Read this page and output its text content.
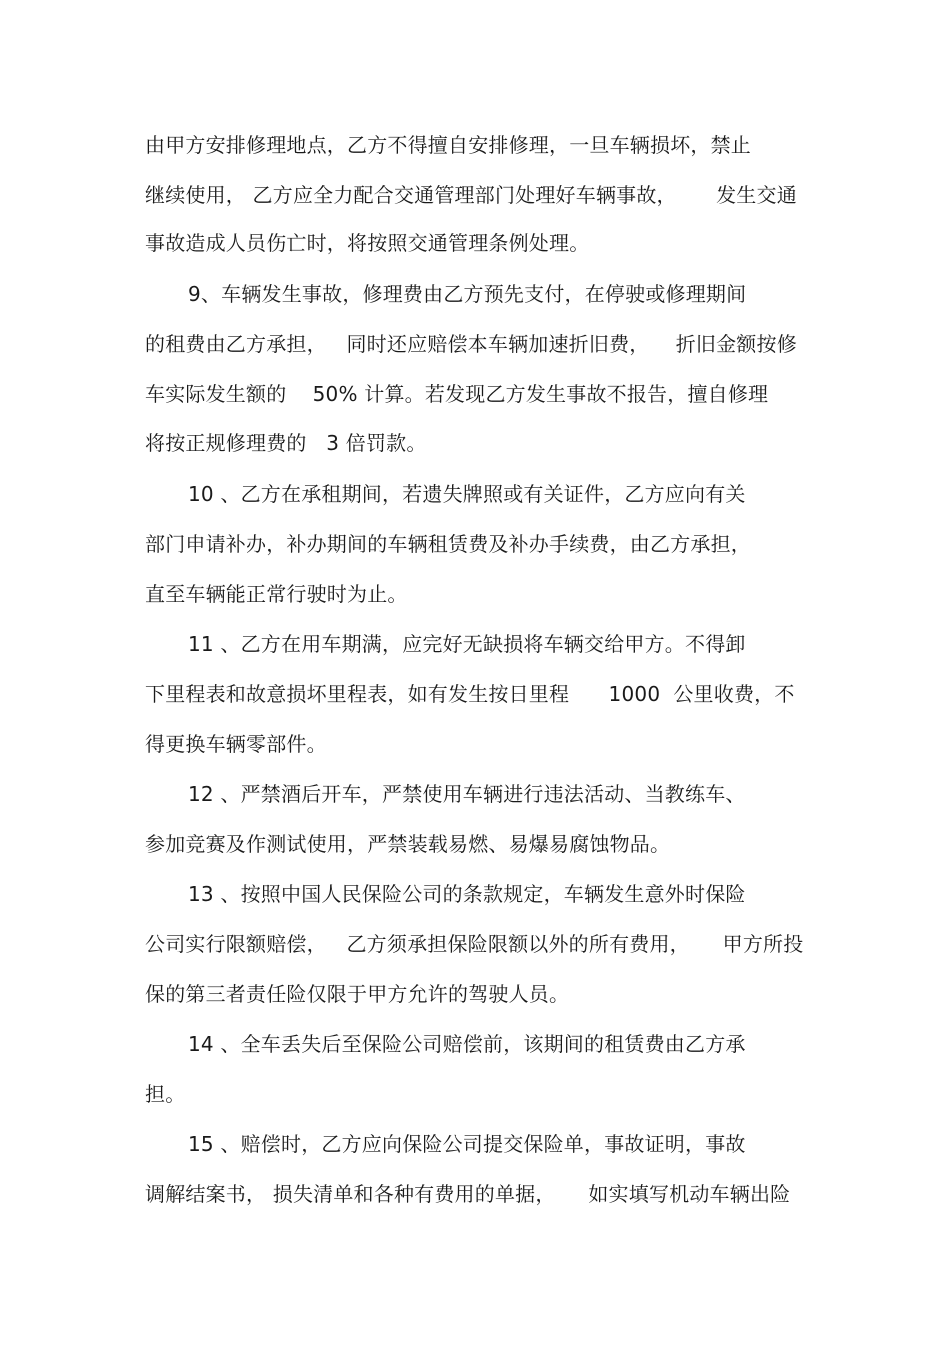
由甲方安排修理地点，乙方不得擅自安排修理，一旦车辆损坏，禁止
继续使用， 乙方应全力配合交通管理部门处理好车辆事故，      发生交通
事故造成人员伤亡时，将按照交通管理条例处理。
9、车辆发生事故，修理费由乙方预先支付，在停驶或修理期间
的租费由乙方承担，   同时还应赔偿本车辆加速折旧费，    折旧金额按修
车实际发生额的    50% 计算。若发现乙方发生事故不报告，擅自修理
将按正规修理费的   3 倍罚款。
10 、乙方在承租期间，若遗失牌照或有关证件，乙方应向有关
部门申请补办，补办期间的车辆租赁费及补办手续费，由乙方承担，
直至车辆能正常行驶时为止。
11 、乙方在用车期满，应完好无缺损将车辆交给甲方。不得卸
下里程表和故意损坏里程表，如有发生按日里程      1000  公里收费，不
得更换车辆零部件。
12 、严禁酒后开车，严禁使用车辆进行违法活动、当教练车、
参加竞赛及作测试使用，严禁装载易燃、易爆易腐蚀物品。
13 、按照中国人民保险公司的条款规定，车辆发生意外时保险
公司实行限额赔偿，   乙方须承担保险限额以外的所有费用，     甲方所投
保的第三者责任险仅限于甲方允许的驾驶人员。
14 、全车丢失后至保险公司赔偿前，该期间的租赁费由乙方承
担。
15 、赔偿时，乙方应向保险公司提交保险单，事故证明，事故
调解结案书， 损失清单和各种有费用的单据，     如实填写机动车辆出险
